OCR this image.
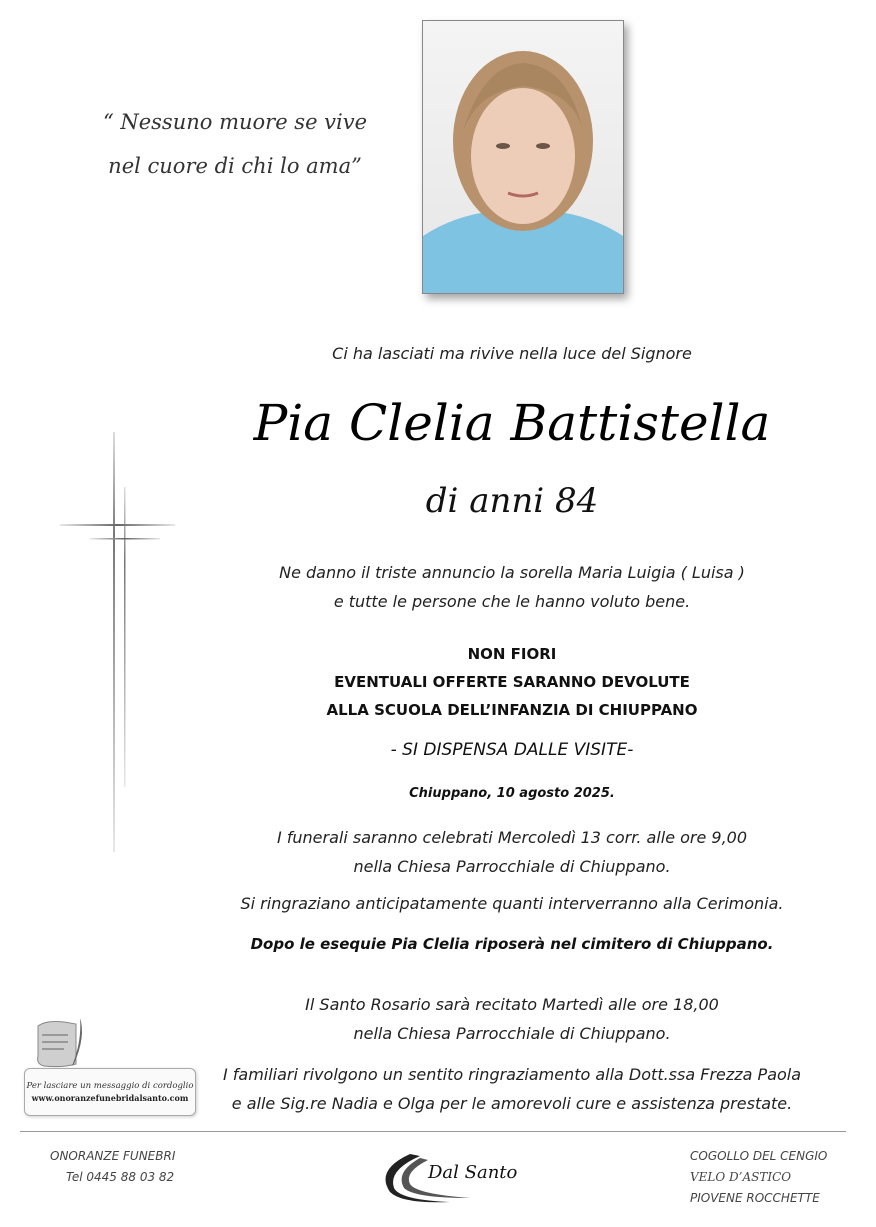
“ Nessuno muore se vive
nel cuore di chi lo ama”
Ci ha lasciati ma rivive nella luce del Signore
Pia Clelia Battistella
di anni 84
Ne danno il triste annuncio la sorella Maria Luigia ( Luisa )
e tutte le persone che le hanno voluto bene.
NON FIORI
EVENTUALI OFFERTE SARANNO DEVOLUTE
ALLA SCUOLA DELL’INFANZIA DI CHIUPPANO
- SI DISPENSA DALLE VISITE-
Chiuppano, 10 agosto 2025.
I funerali saranno celebrati Mercoledì 13 corr. alle ore 9,00
nella Chiesa Parrocchiale di Chiuppano.
Si ringraziano anticipatamente quanti interverranno alla Cerimonia.
Dopo le esequie Pia Clelia riposerà nel cimitero di Chiuppano.
Il Santo Rosario sarà recitato Martedì alle ore 18,00
nella Chiesa Parrocchiale di Chiuppano.
I familiari rivolgono un sentito ringraziamento alla Dott.ssa Frezza Paola
e alle Sig.re Nadia e Olga per le amorevoli cure e assistenza prestate.
Per lasciare un messaggio di cordoglio
www.onoranzefunebridalsanto.com
ONORANZE FUNEBRI
Tel 0445 88 03 82	Dal Santo
COGOLLO DEL CENGIO
VELO D’ASTICO
PIOVENE ROCCHETTE
